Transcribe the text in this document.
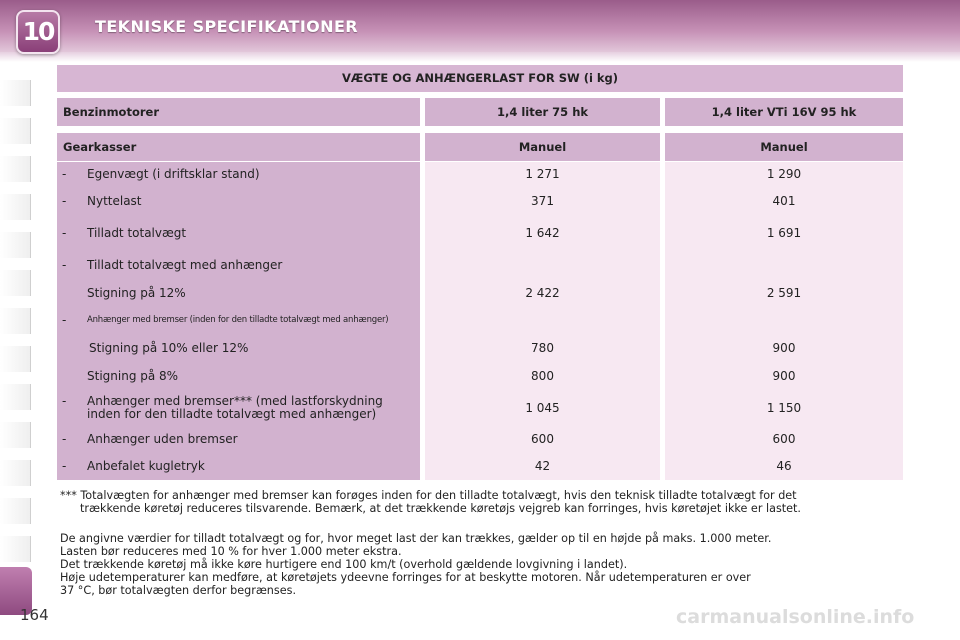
10	TEKNISKE SPECIFIKATIONER
VÆGTE OG ANHÆNGERLAST FOR SW (i kg)
Benzinmotorer	1,4 liter 75 hk	1,4 liter VTi 16V 95 hk
Gearkasser	Manuel	Manuel
- Egenvægt (i driftsklar stand)	1 271	1 290
- Nyttelast	371	401
- Tilladt totalvægt	1 642	1 691
- Tilladt totalvægt med anhænger
Stigning på 12%	2 422	2 591
- Anhænger med bremser (inden for den tilladte totalvægt med anhænger)
Stigning på 10% eller 12%	780	900
Stigning på 8%	800	900
- Anhænger med bremser*** (med lastforskydning
inden for den tilladte totalvægt med anhænger)	1 045	1 150
- Anhænger uden bremser	600	600
- Anbefalet kugletryk	42	46
*** Totalvægten for anhænger med bremser kan forøges inden for den tilladte totalvægt, hvis den teknisk tilladte totalvægt for det
trækkende køretøj reduceres tilsvarende. Bemærk, at det trækkende køretøjs vejgreb kan forringes, hvis køretøjet ikke er lastet.
De angivne værdier for tilladt totalvægt og for, hvor meget last der kan trækkes, gælder op til en højde på maks. 1.000 meter.
Lasten bør reduceres med 10 % for hver 1.000 meter ekstra.
Det trækkende køretøj må ikke køre hurtigere end 100 km/t (overhold gældende lovgivning i landet).
Høje udetemperaturer kan medføre, at køretøjets ydeevne forringes for at beskytte motoren. Når udetemperaturen er over
37 °C, bør totalvægten derfor begrænses.
164	carmanualsonline.info
